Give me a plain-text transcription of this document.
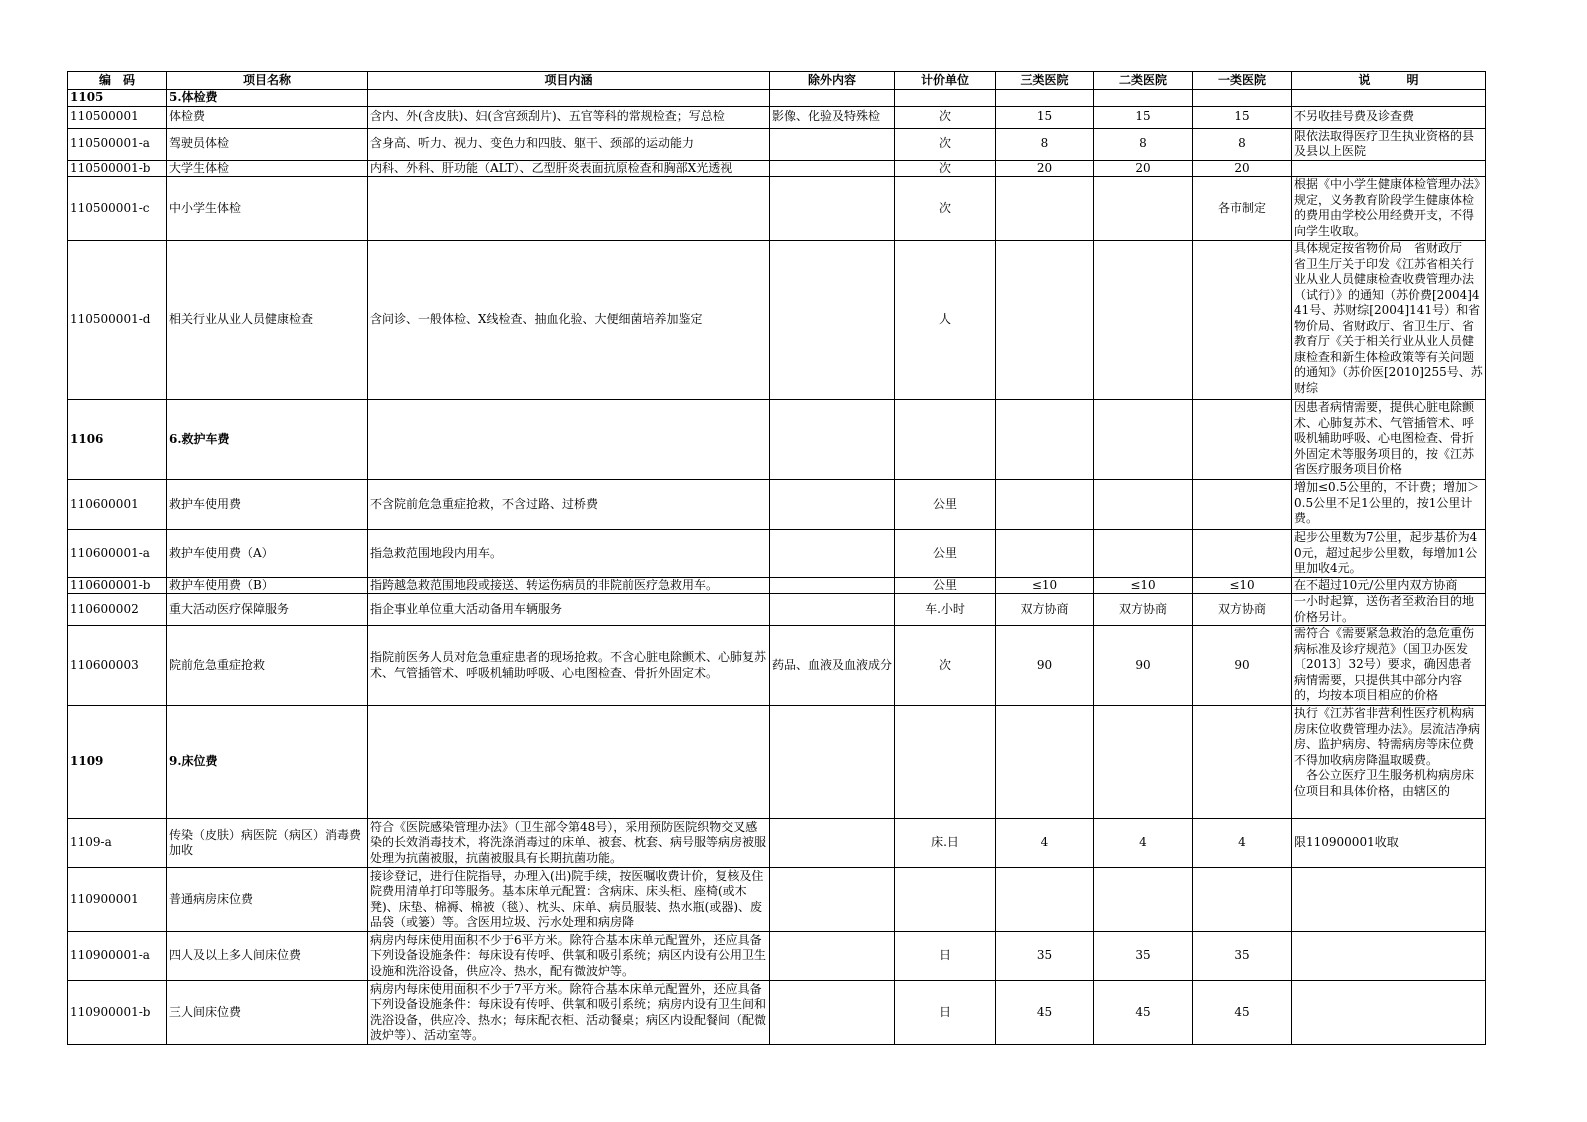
编　码	项目名称	项目内涵	除外内容	计价单位	三类医院	二类医院	一类医院	说　　　明
1105	5.体检费							
110500001	体检费	含内、外(含皮肤)、妇(含宫颈刮片)、五官等科的常规检查；写总检	影像、化验及特殊检	次	15	15	15	不另收挂号费及诊查费
110500001-a	驾驶员体检	含身高、听力、视力、变色力和四肢、躯干、颈部的运动能力		次	8	8	8	限依法取得医疗卫生执业资格的县及县以上医院
110500001-b	大学生体检	内科、外科、肝功能（ALT）、乙型肝炎表面抗原检查和胸部X光透视		次	20	20	20	
110500001-c	中小学生体检			次			各市制定	根据《中小学生健康体检管理办法》规定，义务教育阶段学生健康体检的费用由学校公用经费开支，不得向学生收取。
110500001-d	相关行业从业人员健康检查	含问诊、一般体检、X线检查、抽血化验、大便细菌培养加鉴定		人				具体规定按省物价局　省财政厅　省卫生厅关于印发《江苏省相关行业从业人员健康检查收费管理办法（试行）》的通知（苏价费[2004]441号、苏财综[2004]141号）和省物价局、省财政厅、省卫生厅、省教育厅《关于相关行业从业人员健康检查和新生体检政策等有关问题的通知》（苏价医[2010]255号、苏财综
1106	6.救护车费							因患者病情需要，提供心脏电除颤术、心肺复苏术、气管插管术、呼吸机辅助呼吸、心电图检查、骨折外固定术等服务项目的，按《江苏省医疗服务项目价格
110600001	救护车使用费	不含院前危急重症抢救，不含过路、过桥费		公里				增加≤0.5公里的，不计费；增加＞0.5公里不足1公里的，按1公里计费。
110600001-a	救护车使用费（A）	指急救范围地段内用车。		公里				起步公里数为7公里，起步基价为40元，超过起步公里数，每增加1公里加收4元。
110600001-b	救护车使用费（B）	指跨越急救范围地段或接送、转运伤病员的非院前医疗急救用车。		公里	≤10	≤10	≤10	在不超过10元/公里内双方协商
110600002	重大活动医疗保障服务	指企事业单位重大活动备用车辆服务		车.小时	双方协商	双方协商	双方协商	一小时起算，送伤者至救治目的地价格另计。
110600003	院前危急重症抢救	指院前医务人员对危急重症患者的现场抢救。不含心脏电除颤术、心肺复苏术、气管插管术、呼吸机辅助呼吸、心电图检查、骨折外固定术。	药品、血液及血液成分	次	90	90	90	需符合《需要紧急救治的急危重伤病标准及诊疗规范》（国卫办医发〔2013〕32号）要求，确因患者病情需要，只提供其中部分内容的，均按本项目相应的价格
1109	9.床位费							执行《江苏省非营利性医疗机构病房床位收费管理办法》。层流洁净病房、监护病房、特需病房等床位费不得加收病房降温取暖费。
　各公立医疗卫生服务机构病房床位项目和具体价格，由辖区的
1109-a	传染（皮肤）病医院（病区）消毒费加收	符合《医院感染管理办法》（卫生部令第48号），采用预防医院织物交叉感染的长效消毒技术，将洗涤消毒过的床单、被套、枕套、病号服等病房被服处理为抗菌被服，抗菌被服具有长期抗菌功能。		床.日	4	4	4	限110900001收取
110900001	普通病房床位费	接诊登记，进行住院指导，办理入(出)院手续，按医嘱收费计价，复核及住院费用清单打印等服务。基本床单元配置：含病床、床头柜、座椅(或木凳)、床垫、棉褥、棉被（毯）、枕头、床单、病员服装、热水瓶(或器)、废品袋（或篓）等。含医用垃圾、污水处理和病房降						
110900001-a	四人及以上多人间床位费	病房内每床使用面积不少于6平方米。除符合基本床单元配置外，还应具备下列设备设施条件：每床设有传呼、供氧和吸引系统；病区内设有公用卫生设施和洗浴设备，供应冷、热水，配有微波炉等。		日	35	35	35	
110900001-b	三人间床位费	病房内每床使用面积不少于7平方米。除符合基本床单元配置外，还应具备下列设备设施条件：每床设有传呼、供氧和吸引系统；病房内设有卫生间和洗浴设备，供应冷、热水；每床配衣柜、活动餐桌；病区内设配餐间（配微波炉等）、活动室等。		日	45	45	45	
